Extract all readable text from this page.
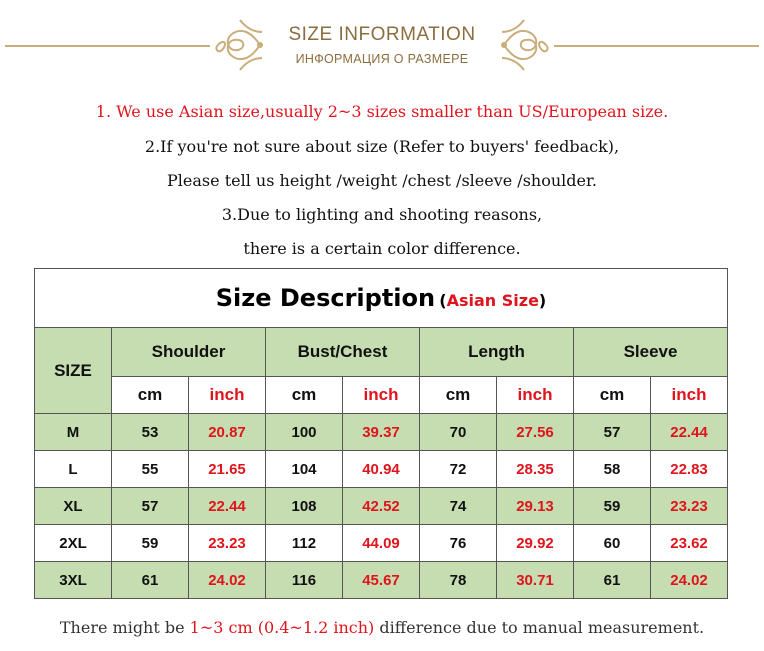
SIZE INFORMATION
ИНФОРМАЦИЯ О РАЗМЕРЕ
1. We use Asian size,usually 2~3 sizes smaller than US/European size.
2.If you're not sure about size (Refer to buyers' feedback),
Please tell us height /weight /chest /sleeve /shoulder.
3.Due to lighting and shooting reasons,
there is a certain color difference.
Size Description (Asian Size)								
SIZE	Shoulder		Bust/Chest		Length		Sleeve	
	cm	inch	cm	inch	cm	inch	cm	inch
M	53	20.87	100	39.37	70	27.56	57	22.44
L	55	21.65	104	40.94	72	28.35	58	22.83
XL	57	22.44	108	42.52	74	29.13	59	23.23
2XL	59	23.23	112	44.09	76	29.92	60	23.62
3XL	61	24.02	116	45.67	78	30.71	61	24.02
There might be 1~3 cm (0.4~1.2 inch) difference due to manual measurement.
